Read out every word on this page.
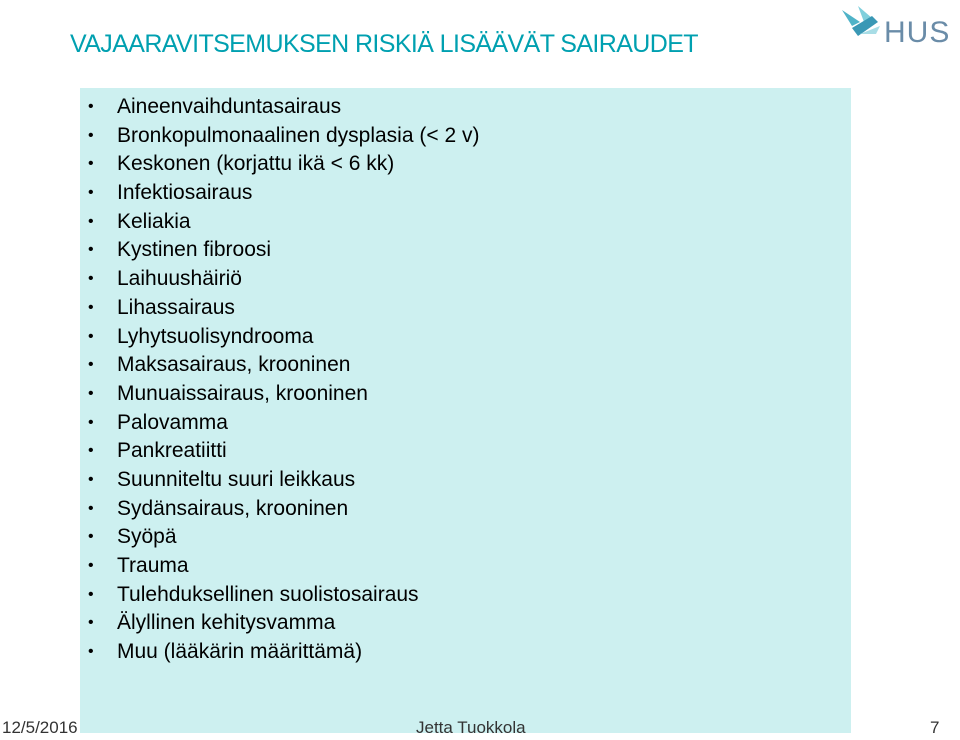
VAJAARAVITSEMUKSEN RISKIÄ LISÄÄVÄT SAIRAUDET	HUS
• Aineenvaihduntasairaus
• Bronkopulmonaalinen dysplasia (< 2 v)
• Keskonen (korjattu ikä < 6 kk)
• Infektiosairaus
• Keliakia
• Kystinen fibroosi
• Laihuushäiriö
• Lihassairaus
• Lyhytsuolisyndrooma
• Maksasairaus, krooninen
• Munuaissairaus, krooninen
• Palovamma
• Pankreatiitti
• Suunniteltu suuri leikkaus
• Sydänsairaus, krooninen
• Syöpä
• Trauma
• Tulehduksellinen suolistosairaus
• Älyllinen kehitysvamma
• Muu (lääkärin määrittämä)
12/5/2016	Jetta Tuokkola	7
